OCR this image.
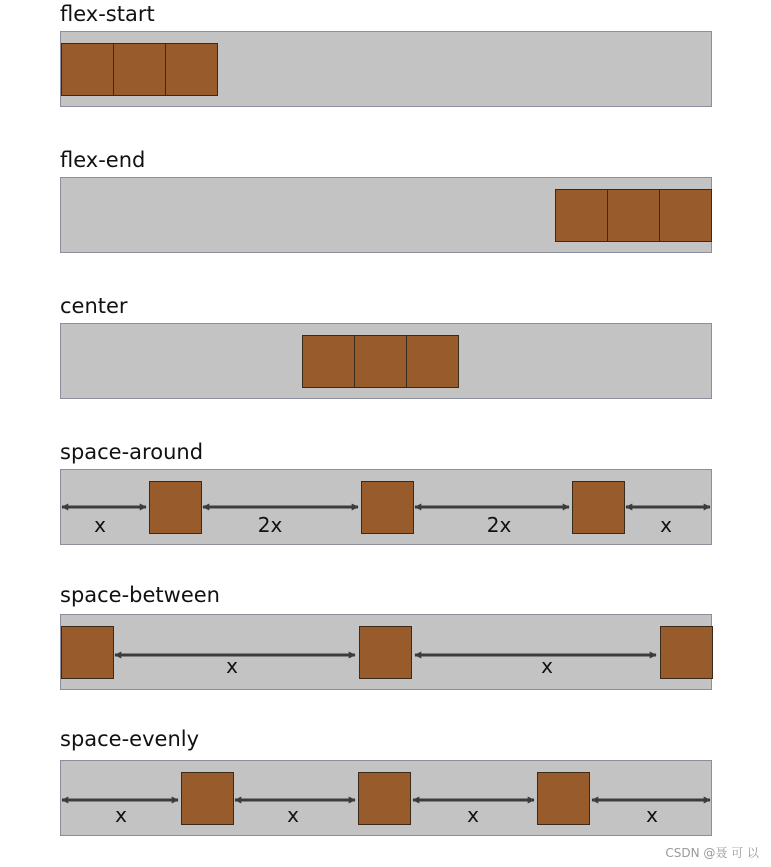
flex-start
flex-end
center
space-around
space-between
space-evenly
x	2x	2x	x
x	x
x	x	x	x
CSDN @聂 可 以
